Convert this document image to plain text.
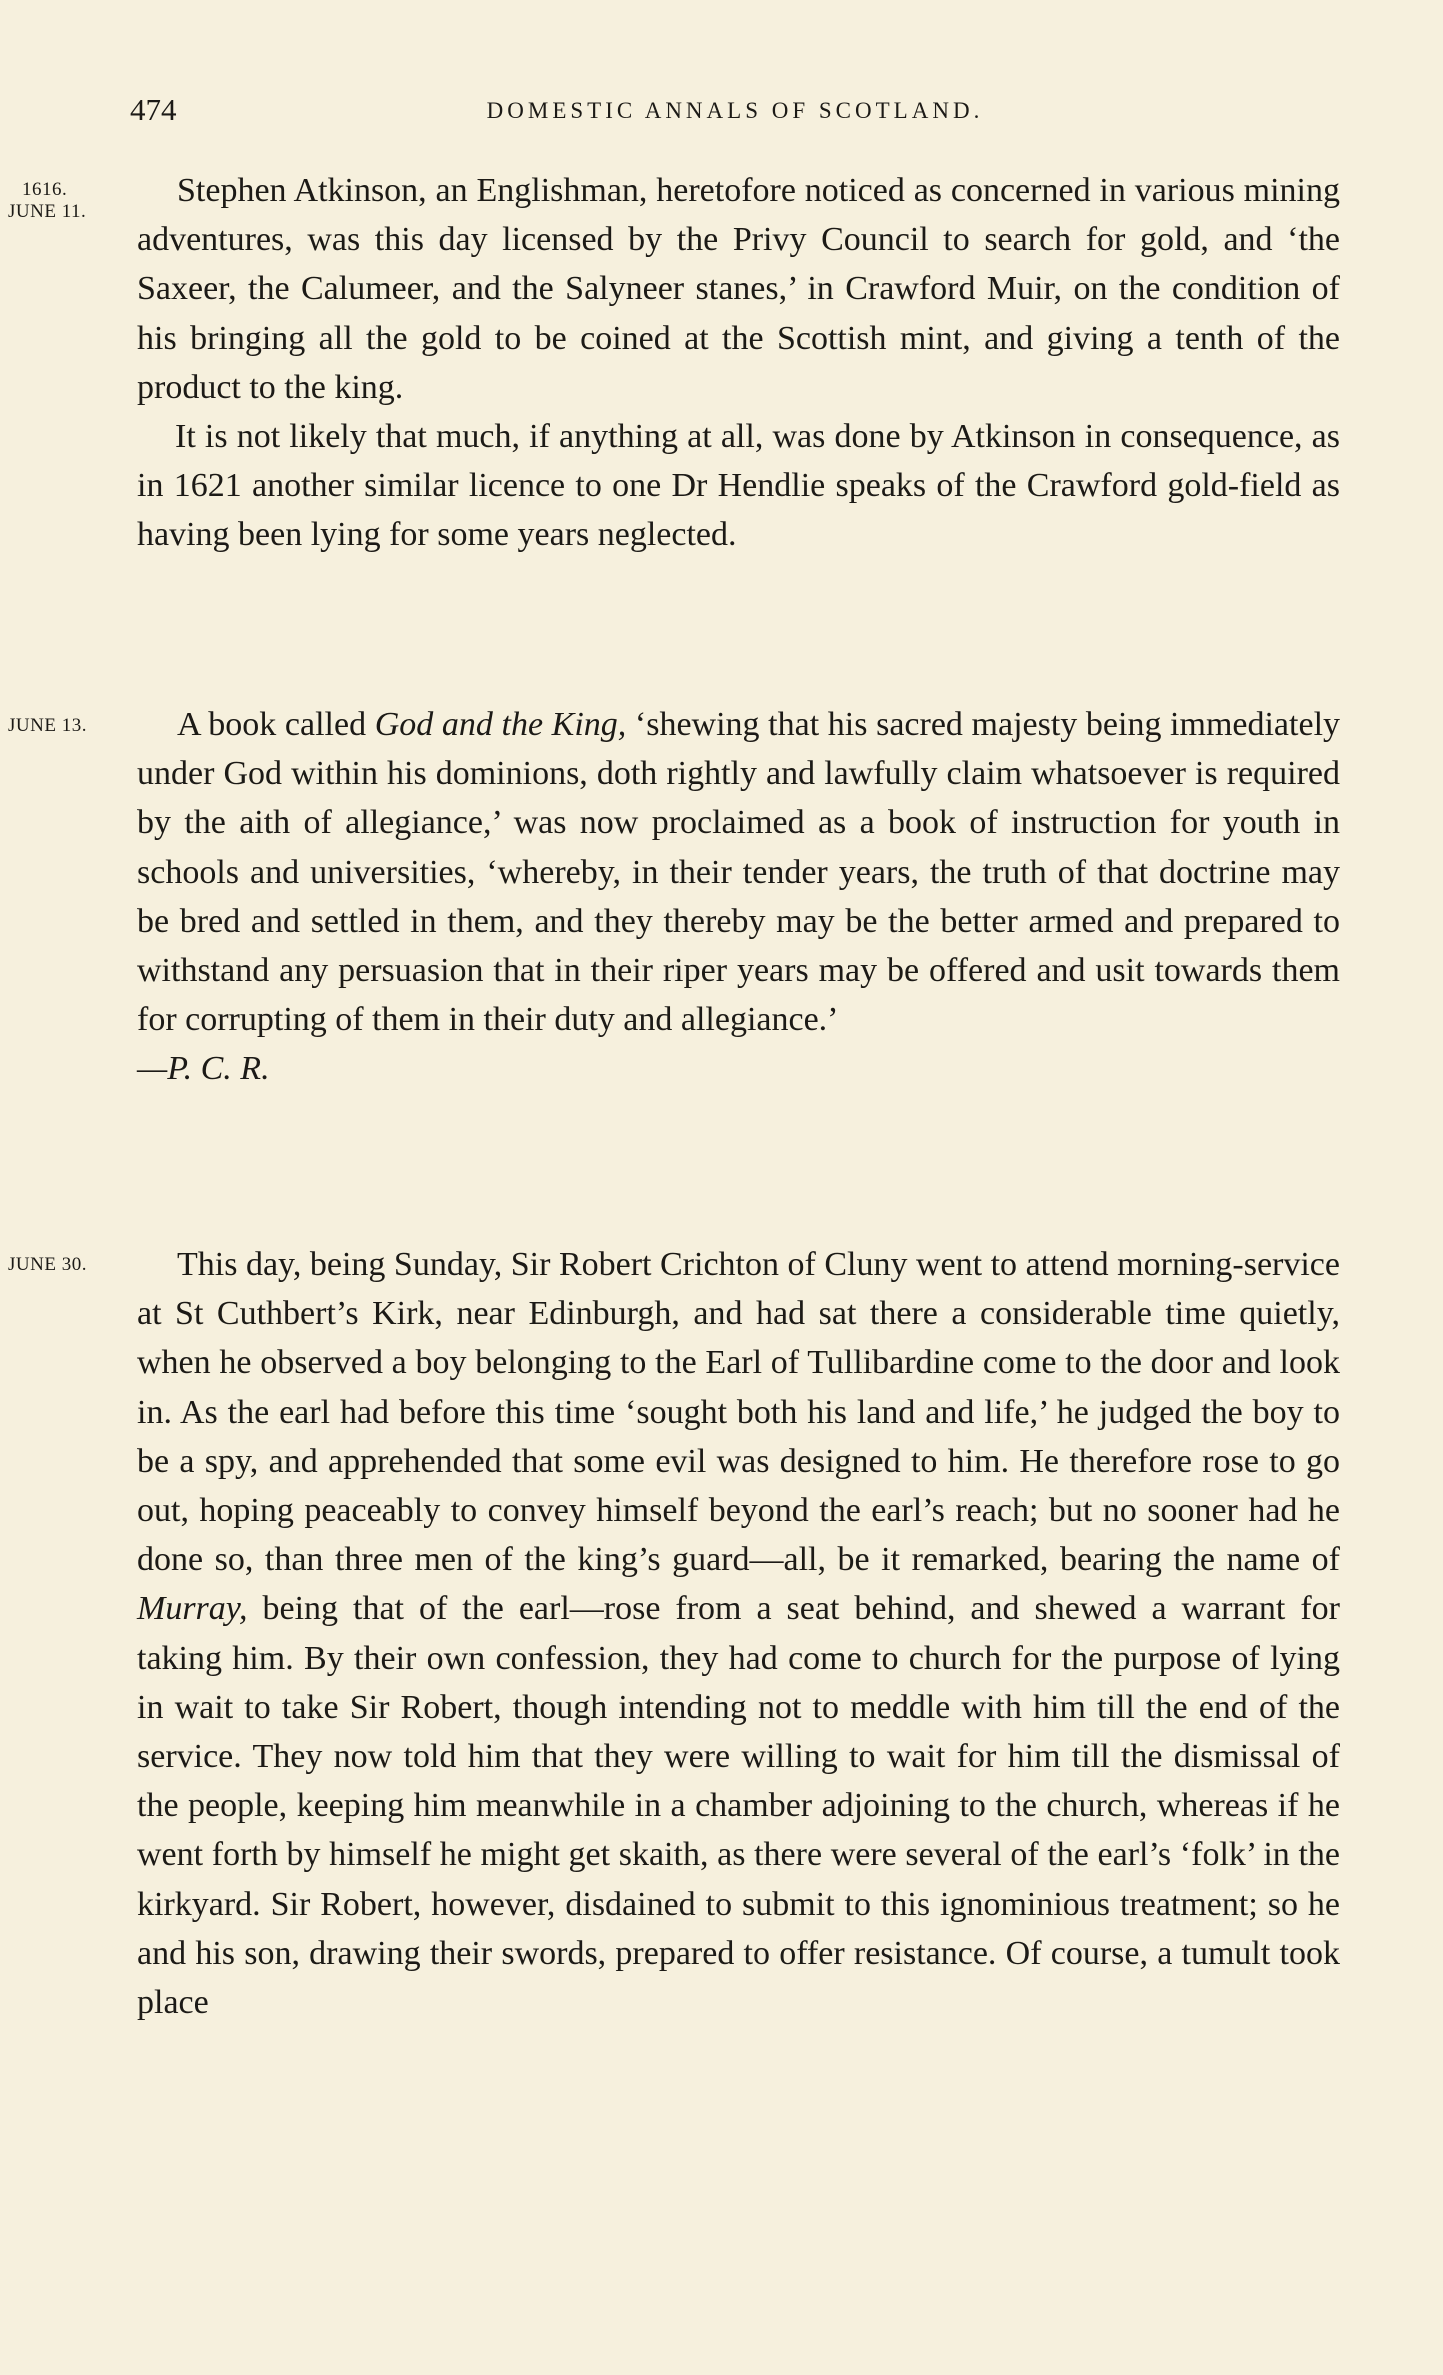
474	DOMESTIC ANNALS OF SCOTLAND.
1616.
JUNE 11.

Stephen Atkinson, an Englishman, heretofore noticed as concerned in various mining adventures, was this day licensed by the Privy Council to search for gold, and ‘the Saxeer, the Calumeer, and the Salyneer stanes,’ in Crawford Muir, on the condition of his bringing all the gold to be coined at the Scottish mint, and giving a tenth of the product to the king.

It is not likely that much, if anything at all, was done by Atkinson in consequence, as in 1621 another similar licence to one Dr Hendlie speaks of the Crawford gold-field as having been lying for some years neglected.

JUNE 13.	A book called God and the King, ‘shewing that his sacred majesty being immediately under God within his dominions, doth rightly and lawfully claim whatsoever is required by the aith of allegiance,’ was now proclaimed as a book of instruction for youth in schools and universities, ‘whereby, in their tender years, the truth of that doctrine may be bred and settled in them, and they thereby may be the better armed and prepared to withstand any persuasion that in their riper years may be offered and usit towards them for corrupting of them in their duty and allegiance.’

—P. C. R.

JUNE 30.	This day, being Sunday, Sir Robert Crichton of Cluny went to attend morning-service at St Cuthbert’s Kirk, near Edinburgh, and had sat there a considerable time quietly, when he observed a boy belonging to the Earl of Tullibardine come to the door and look in. As the earl had before this time ‘sought both his land and life,’ he judged the boy to be a spy, and apprehended that some evil was designed to him. He therefore rose to go out, hoping peaceably to convey himself beyond the earl’s reach; but no sooner had he done so, than three men of the king’s guard—all, be it remarked, bearing the name of Murray, being that of the earl—rose from a seat behind, and shewed a warrant for taking him. By their own confession, they had come to church for the purpose of lying in wait to take Sir Robert, though intending not to meddle with him till the end of the service. They now told him that they were willing to wait for him till the dismissal of the people, keeping him meanwhile in a chamber adjoining to the church, whereas if he went forth by himself he might get skaith, as there were several of the earl’s ‘folk’ in the kirkyard. Sir Robert, however, disdained to submit to this ignominious treatment; so he and his son, drawing their swords, prepared to offer resistance. Of course, a tumult took place
